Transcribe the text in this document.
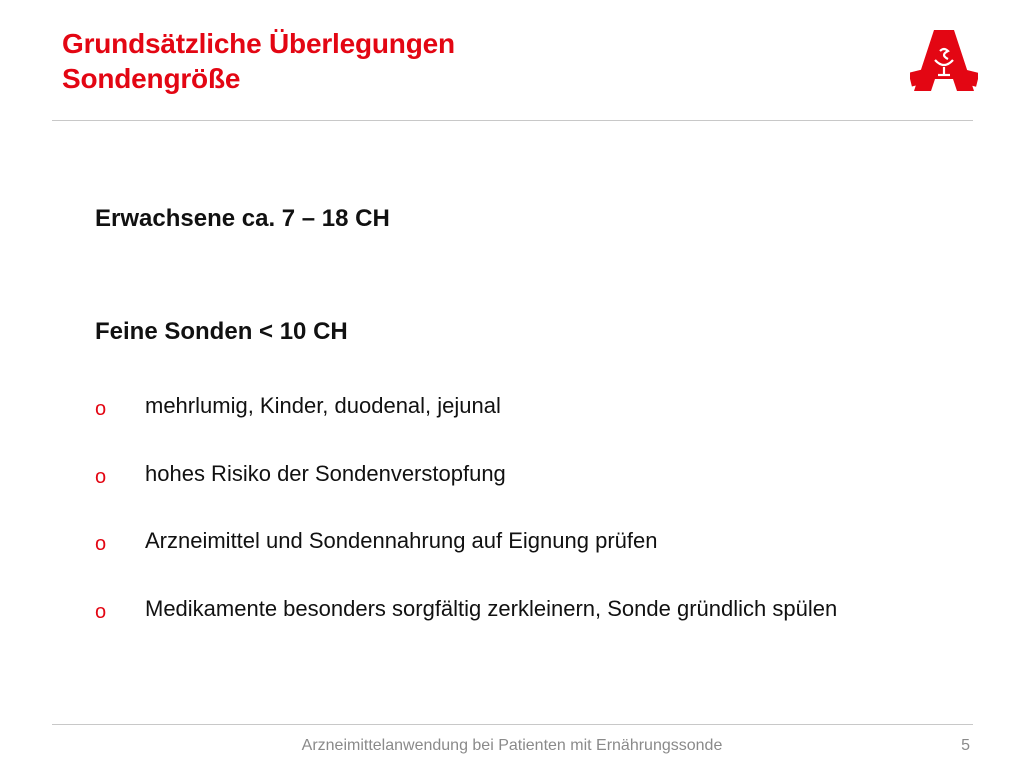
Grundsätzliche Überlegungen
Sondengröße
Erwachsene ca. 7 – 18 CH
Feine Sonden < 10 CH
o mehrlumig, Kinder, duodenal, jejunal
o hohes Risiko der Sondenverstopfung
o Arzneimittel und Sondennahrung auf Eignung prüfen
o Medikamente besonders sorgfältig zerkleinern, Sonde gründlich spülen
Arzneimittelanwendung bei Patienten mit Ernährungssonde	5
